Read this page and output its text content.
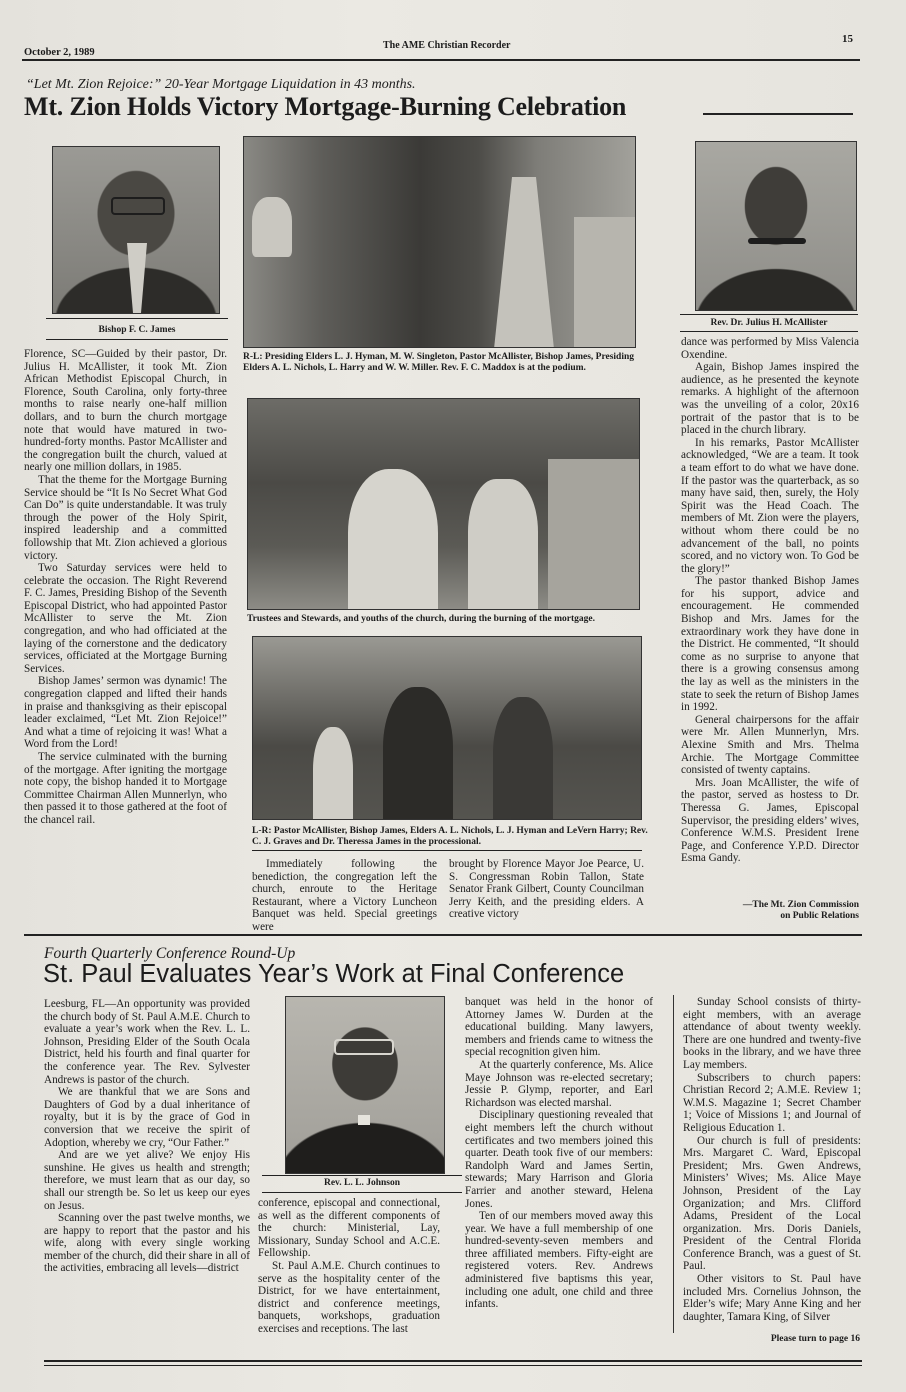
October 2, 1989
The AME Christian Recorder
15
“Let Mt. Zion Rejoice:” 20-Year Mortgage Liquidation in 43 months.
Mt. Zion Holds Victory Mortgage-Burning Celebration
Bishop F. C. James
Rev. Dr. Julius H. McAllister
R-L: Presiding Elders L. J. Hyman, M. W. Singleton, Pastor McAllister, Bishop James, Presiding Elders A. L. Nichols, L. Harry and W. W. Miller. Rev. F. C. Maddox is at the podium.
Trustees and Stewards, and youths of the church, during the burning of the mortgage.
L-R: Pastor McAllister, Bishop James, Elders A. L. Nichols, L. J. Hyman and LeVern Harry; Rev. C. J. Graves and Dr. Theressa James in the processional.

Florence, SC—Guided by their pastor, Dr. Julius H. McAllister, it took Mt. Zion African Methodist Episcopal Church, in Florence, South Carolina, only forty-three months to raise nearly one-half million dollars, and to burn the church mortgage note that would have matured in two-hundred-forty months. Pastor McAllister and the congregation built the church, valued at nearly one million dollars, in 1985.

That the theme for the Mortgage Burning Service should be “It Is No Secret What God Can Do” is quite understandable. It was truly through the power of the Holy Spirit, inspired leadership and a committed followship that Mt. Zion achieved a glorious victory.

Two Saturday services were held to celebrate the occasion. The Right Reverend F. C. James, Presiding Bishop of the Seventh Episcopal District, who had appointed Pastor McAllister to serve the Mt. Zion congregation, and who had officiated at the laying of the cornerstone and the dedicatory services, officiated at the Mortgage Burning Services.

Bishop James’ sermon was dynamic! The congregation clapped and lifted their hands in praise and thanksgiving as their episcopal leader exclaimed, “Let Mt. Zion Rejoice!” And what a time of rejoicing it was! What a Word from the Lord!

The service culminated with the burning of the mortgage. After igniting the mortgage note copy, the bishop handed it to Mortgage Committee Chairman Allen Munnerlyn, who then passed it to those gathered at the foot of the chancel rail.

Immediately following the benediction, the congregation left the church, enroute to the Heritage Restaurant, where a Victory Luncheon Banquet was held. Special greetings were

brought by Florence Mayor Joe Pearce, U. S. Congressman Robin Tallon, State Senator Frank Gilbert, County Councilman Jerry Keith, and the presiding elders. A creative victory

dance was performed by Miss Valencia Oxendine.

Again, Bishop James inspired the audience, as he presented the keynote remarks. A highlight of the afternoon was the unveiling of a color, 20x16 portrait of the pastor that is to be placed in the church library.

In his remarks, Pastor McAllister acknowledged, “We are a team. It took a team effort to do what we have done. If the pastor was the quarterback, as so many have said, then, surely, the Holy Spirit was the Head Coach. The members of Mt. Zion were the players, without whom there could be no advancement of the ball, no points scored, and no victory won. To God be the glory!”

The pastor thanked Bishop James for his support, advice and encouragement. He commended Bishop and Mrs. James for the extraordinary work they have done in the District. He commented, “It should come as no surprise to anyone that there is a growing consensus among the lay as well as the ministers in the state to seek the return of Bishop James in 1992.

General chairpersons for the affair were Mr. Allen Munnerlyn, Mrs. Alexine Smith and Mrs. Thelma Archie. The Mortgage Committee consisted of twenty captains.

Mrs. Joan McAllister, the wife of the pastor, served as hostess to Dr. Theressa G. James, Episcopal Supervisor, the presiding elders’ wives, Conference W.M.S. President Irene Page, and Conference Y.P.D. Director Esma Gandy.

—The Mt. Zion Commission
on Public Relations
Fourth Quarterly Conference Round-Up
St. Paul Evaluates Year’s Work at Final Conference

Leesburg, FL—An opportunity was provided the church body of St. Paul A.M.E. Church to evaluate a year’s work when the Rev. L. L. Johnson, Presiding Elder of the South Ocala District, held his fourth and final quarter for the conference year. The Rev. Sylvester Andrews is pastor of the church.

We are thankful that we are Sons and Daughters of God by a dual inheritance of royalty, but it is by the grace of God in conversion that we receive the spirit of Adoption, whereby we cry, “Our Father.”

And are we yet alive? We enjoy His sunshine. He gives us health and strength; therefore, we must learn that as our day, so shall our strength be. So let us keep our eyes on Jesus.

Scanning over the past twelve months, we are happy to report that the pastor and his wife, along with every single working member of the church, did their share in all of the activities, embracing all levels—district

Rev. L. L. Johnson

conference, episcopal and connectional, as well as the different components of the church: Ministerial, Lay, Missionary, Sunday School and A.C.E. Fellowship.

St. Paul A.M.E. Church continues to serve as the hospitality center of the District, for we have entertainment, district and conference meetings, banquets, workshops, graduation exercises and receptions. The last

banquet was held in the honor of Attorney James W. Durden at the educational building. Many lawyers, members and friends came to witness the special recognition given him.

At the quarterly conference, Ms. Alice Maye Johnson was re-elected secretary; Jessie P. Glymp, reporter, and Earl Richardson was elected marshal.

Disciplinary questioning revealed that eight members left the church without certificates and two members joined this quarter. Death took five of our members: Randolph Ward and James Sertin, stewards; Mary Harrison and Gloria Farrier and another steward, Helena Jones.

Ten of our members moved away this year. We have a full membership of one hundred-seventy-seven members and three affiliated members. Fifty-eight are registered voters. Rev. Andrews administered five baptisms this year, including one adult, one child and three infants.

Sunday School consists of thirty-eight members, with an average attendance of about twenty weekly. There are one hundred and twenty-five books in the library, and we have three Lay members.

Subscribers to church papers: Christian Record 2; A.M.E. Review 1; W.M.S. Magazine 1; Secret Chamber 1; Voice of Missions 1; and Journal of Religious Education 1.

Our church is full of presidents: Mrs. Margaret C. Ward, Episcopal President; Mrs. Gwen Andrews, Ministers’ Wives; Ms. Alice Maye Johnson, President of the Lay Organization; and Mrs. Clifford Adams, President of the Local organization. Mrs. Doris Daniels, President of the Central Florida Conference Branch, was a guest of St. Paul.

Other visitors to St. Paul have included Mrs. Cornelius Johnson, the Elder’s wife; Mary Anne King and her daughter, Tamara King, of Silver

Please turn to page 16
